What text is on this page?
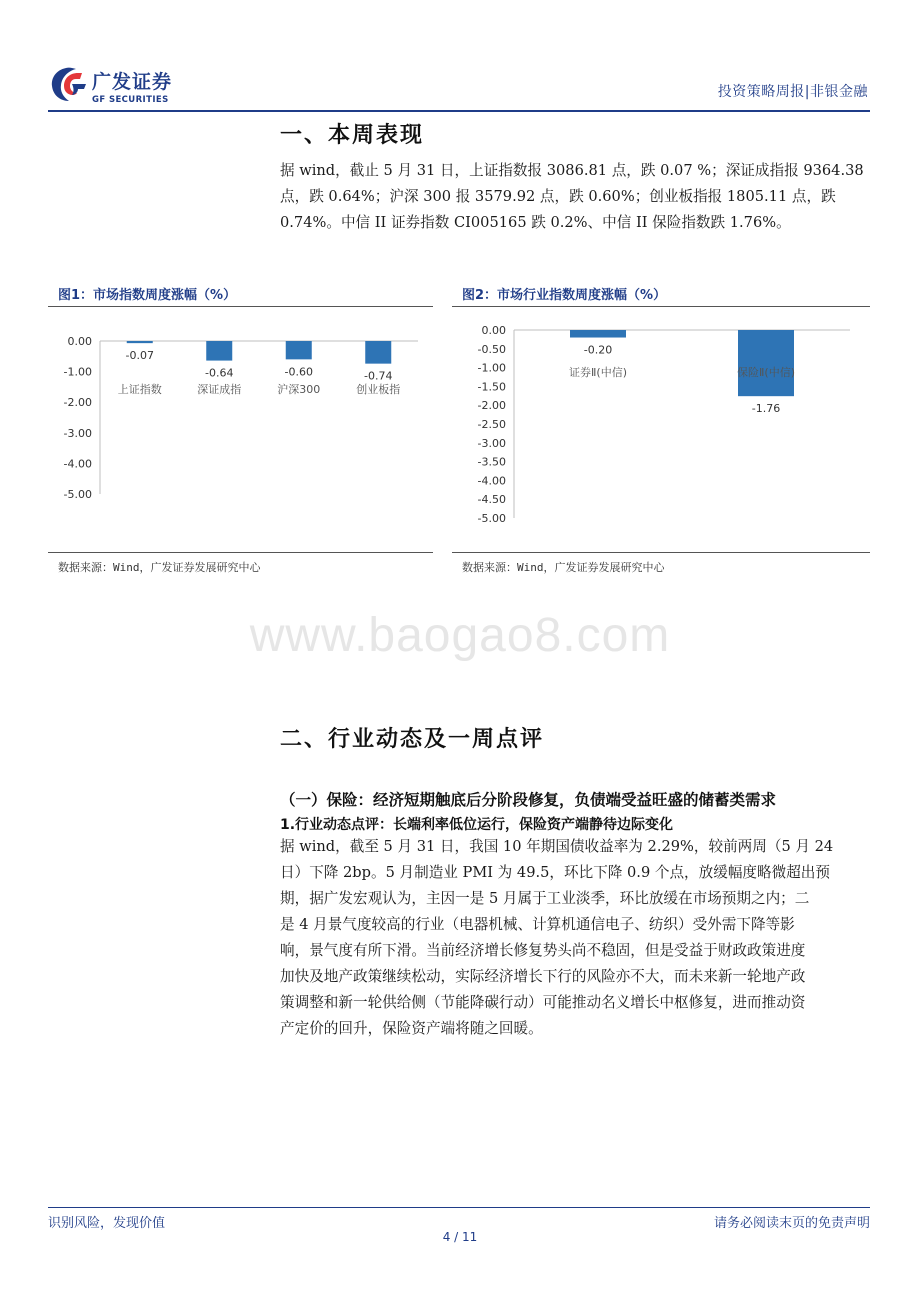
广发证券
GF SECURITIES	投资策略周报|非银金融
一、本周表现
据 wind，截止 5 月 31 日，上证指数报 3086.81 点，跌 0.07 %；深证成指报 9364.38
点，跌 0.64%；沪深 300 报 3579.92 点，跌 0.60%；创业板指报 1805.11 点，跌
0.74%。中信 II 证券指数 CI005165 跌 0.2%、中信 II 保险指数跌 1.76%。
图1：市场指数周度涨幅（%）
0.00
-1.00
-2.00
-3.00
-4.00
-5.00
-0.07
上证指数
-0.64
深证成指
-0.60
沪深300
-0.74
创业板指
数据来源：Wind，广发证券发展研究中心
图2：市场行业指数周度涨幅（%）
0.00
-0.50
-1.00
-1.50
-2.00
-2.50
-3.00
-3.50
-4.00
-4.50
-5.00
-0.20
证券Ⅱ(中信)
-1.76
保险Ⅱ(中信)
数据来源：Wind，广发证券发展研究中心
www.baogao8.com
二、行业动态及一周点评
（一）保险：经济短期触底后分阶段修复，负债端受益旺盛的储蓄类需求
1.行业动态点评：长端利率低位运行，保险资产端静待边际变化
据 wind，截至 5 月 31 日，我国 10 年期国债收益率为 2.29%，较前两周（5 月 24
日）下降 2bp。5 月制造业 PMI 为 49.5，环比下降 0.9 个点，放缓幅度略微超出预
期，据广发宏观认为，主因一是 5 月属于工业淡季，环比放缓在市场预期之内；二
是 4 月景气度较高的行业（电器机械、计算机通信电子、纺织）受外需下降等影
响，景气度有所下滑。当前经济增长修复势头尚不稳固，但是受益于财政政策进度
加快及地产政策继续松动，实际经济增长下行的风险亦不大，而未来新一轮地产政
策调整和新一轮供给侧（节能降碳行动）可能推动名义增长中枢修复，进而推动资
产定价的回升，保险资产端将随之回暖。
识别风险，发现价值	请务必阅读末页的免责声明
4 / 11
